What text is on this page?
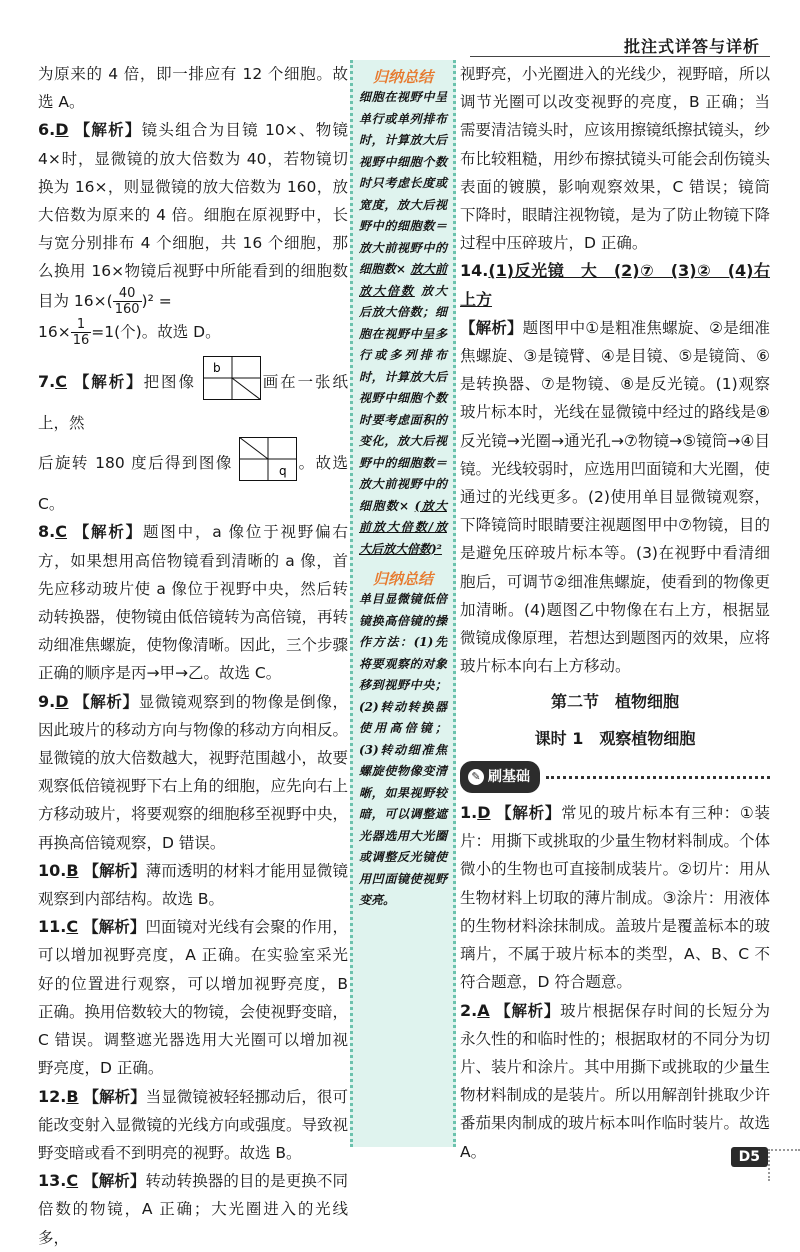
批注式详答与详析

为原来的 4 倍，即一排应有 12 个细胞。故选 A。

6.D 【解析】镜头组合为目镜 10×、物镜 4×时，显微镜的放大倍数为 40，若物镜切换为 16×，则显微镜的放大倍数为 160，放大倍数为原来的 4 倍。细胞在原视野中，长与宽分别排布 4 个细胞，共 16 个细胞，那么换用 16×物镜后视野中所能看到的细胞数目为 $16\times( \frac{40}{160} )^2$ =
$16\times \frac{1}{16} =1$(个)。故选 D。

7.C 【解析】把图像
b
画在一张纸上，然
后旋转 180 度后得到图像	q 。故选 C。

8.C 【解析】题图中，a 像位于视野偏右方，如果想用高倍物镜看到清晰的 a 像，首先应移动玻片使 a 像位于视野中央，然后转动转换器，使物镜由低倍镜转为高倍镜，再转动细准焦螺旋，使物像清晰。因此，三个步骤正确的顺序是丙→甲→乙。故选 C。

9.D 【解析】显微镜观察到的物像是倒像，因此玻片的移动方向与物像的移动方向相反。显微镜的放大倍数越大，视野范围越小，故要观察低倍镜视野下右上角的细胞，应先向右上方移动玻片，将要观察的细胞移至视野中央，再换高倍镜观察，D 错误。

10.B 【解析】薄而透明的材料才能用显微镜观察到内部结构。故选 B。

11.C 【解析】凹面镜对光线有会聚的作用，可以增加视野亮度，A 正确。在实验室采光好的位置进行观察，可以增加视野亮度，B 正确。换用倍数较大的物镜，会使视野变暗，C 错误。调整遮光器选用大光圈可以增加视野亮度，D 正确。

12.B 【解析】当显微镜被轻轻挪动后，很可能改变射入显微镜的光线方向或强度。导致视野变暗或看不到明亮的视野。故选 B。

13.C 【解析】转动转换器的目的是更换不同倍数的物镜，A 正确；大光圈进入的光线多，

归纳总结
细胞在视野中呈单行或单列排布时，计算放大后视野中细胞个数时只考虑长度或宽度，放大后视野中的细胞数＝放大前视野中的细胞数× 放大前放大倍数 放大后放大倍数；细胞在视野中呈多行或多列排布时，计算放大后视野中细胞个数时要考虑面积的变化，放大后视野中的细胞数＝放大前视野中的细胞数× (放大前放大倍数/放大后放大倍数)²
归纳总结
单目显微镜低倍镜换高倍镜的操作方法：(1)先将要观察的对象移到视野中央；(2)转动转换器使用高倍镜；(3)转动细准焦螺旋使物像变清晰，如果视野较暗，可以调整遮光器选用大光圈或调整反光镜使用凹面镜使视野变亮。

视野亮，小光圈进入的光线少，视野暗，所以调节光圈可以改变视野的亮度，B 正确；当需要清洁镜头时，应该用擦镜纸擦拭镜头，纱布比较粗糙，用纱布擦拭镜头可能会刮伤镜头表面的镀膜，影响观察效果，C 错误；镜筒下降时，眼睛注视物镜，是为了防止物镜下降过程中压碎玻片，D 正确。

14.(1)反光镜　大　(2)⑦　(3)②　(4)右上方
【解析】题图甲中①是粗准焦螺旋、②是细准焦螺旋、③是镜臂、④是目镜、⑤是镜筒、⑥是转换器、⑦是物镜、⑧是反光镜。(1)观察玻片标本时，光线在显微镜中经过的路线是⑧反光镜→光圈→通光孔→⑦物镜→⑤镜筒→④目镜。光线较弱时，应选用凹面镜和大光圈，使通过的光线更多。(2)使用单目显微镜观察，下降镜筒时眼睛要注视题图甲中⑦物镜，目的是避免压碎玻片标本等。(3)在视野中看清细胞后，可调节②细准焦螺旋，使看到的物像更加清晰。(4)题图乙中物像在右上方，根据显微镜成像原理，若想达到题图丙的效果，应将玻片标本向右上方移动。

第二节　植物细胞
课时 1　观察植物细胞
✎ 刷基础

1.D 【解析】常见的玻片标本有三种：①装片：用撕下或挑取的少量生物材料制成。个体微小的生物也可直接制成装片。②切片：用从生物材料上切取的薄片制成。③涂片：用液体的生物材料涂抹制成。盖玻片是覆盖标本的玻璃片，不属于玻片标本的类型，A、B、C 不符合题意，D 符合题意。

2.A 【解析】玻片根据保存时间的长短分为永久性的和临时性的；根据取材的不同分为切片、装片和涂片。其中用撕下或挑取的少量生物材料制成的是装片。所以用解剖针挑取少许番茄果肉制成的玻片标本叫作临时装片。故选 A。	D5
